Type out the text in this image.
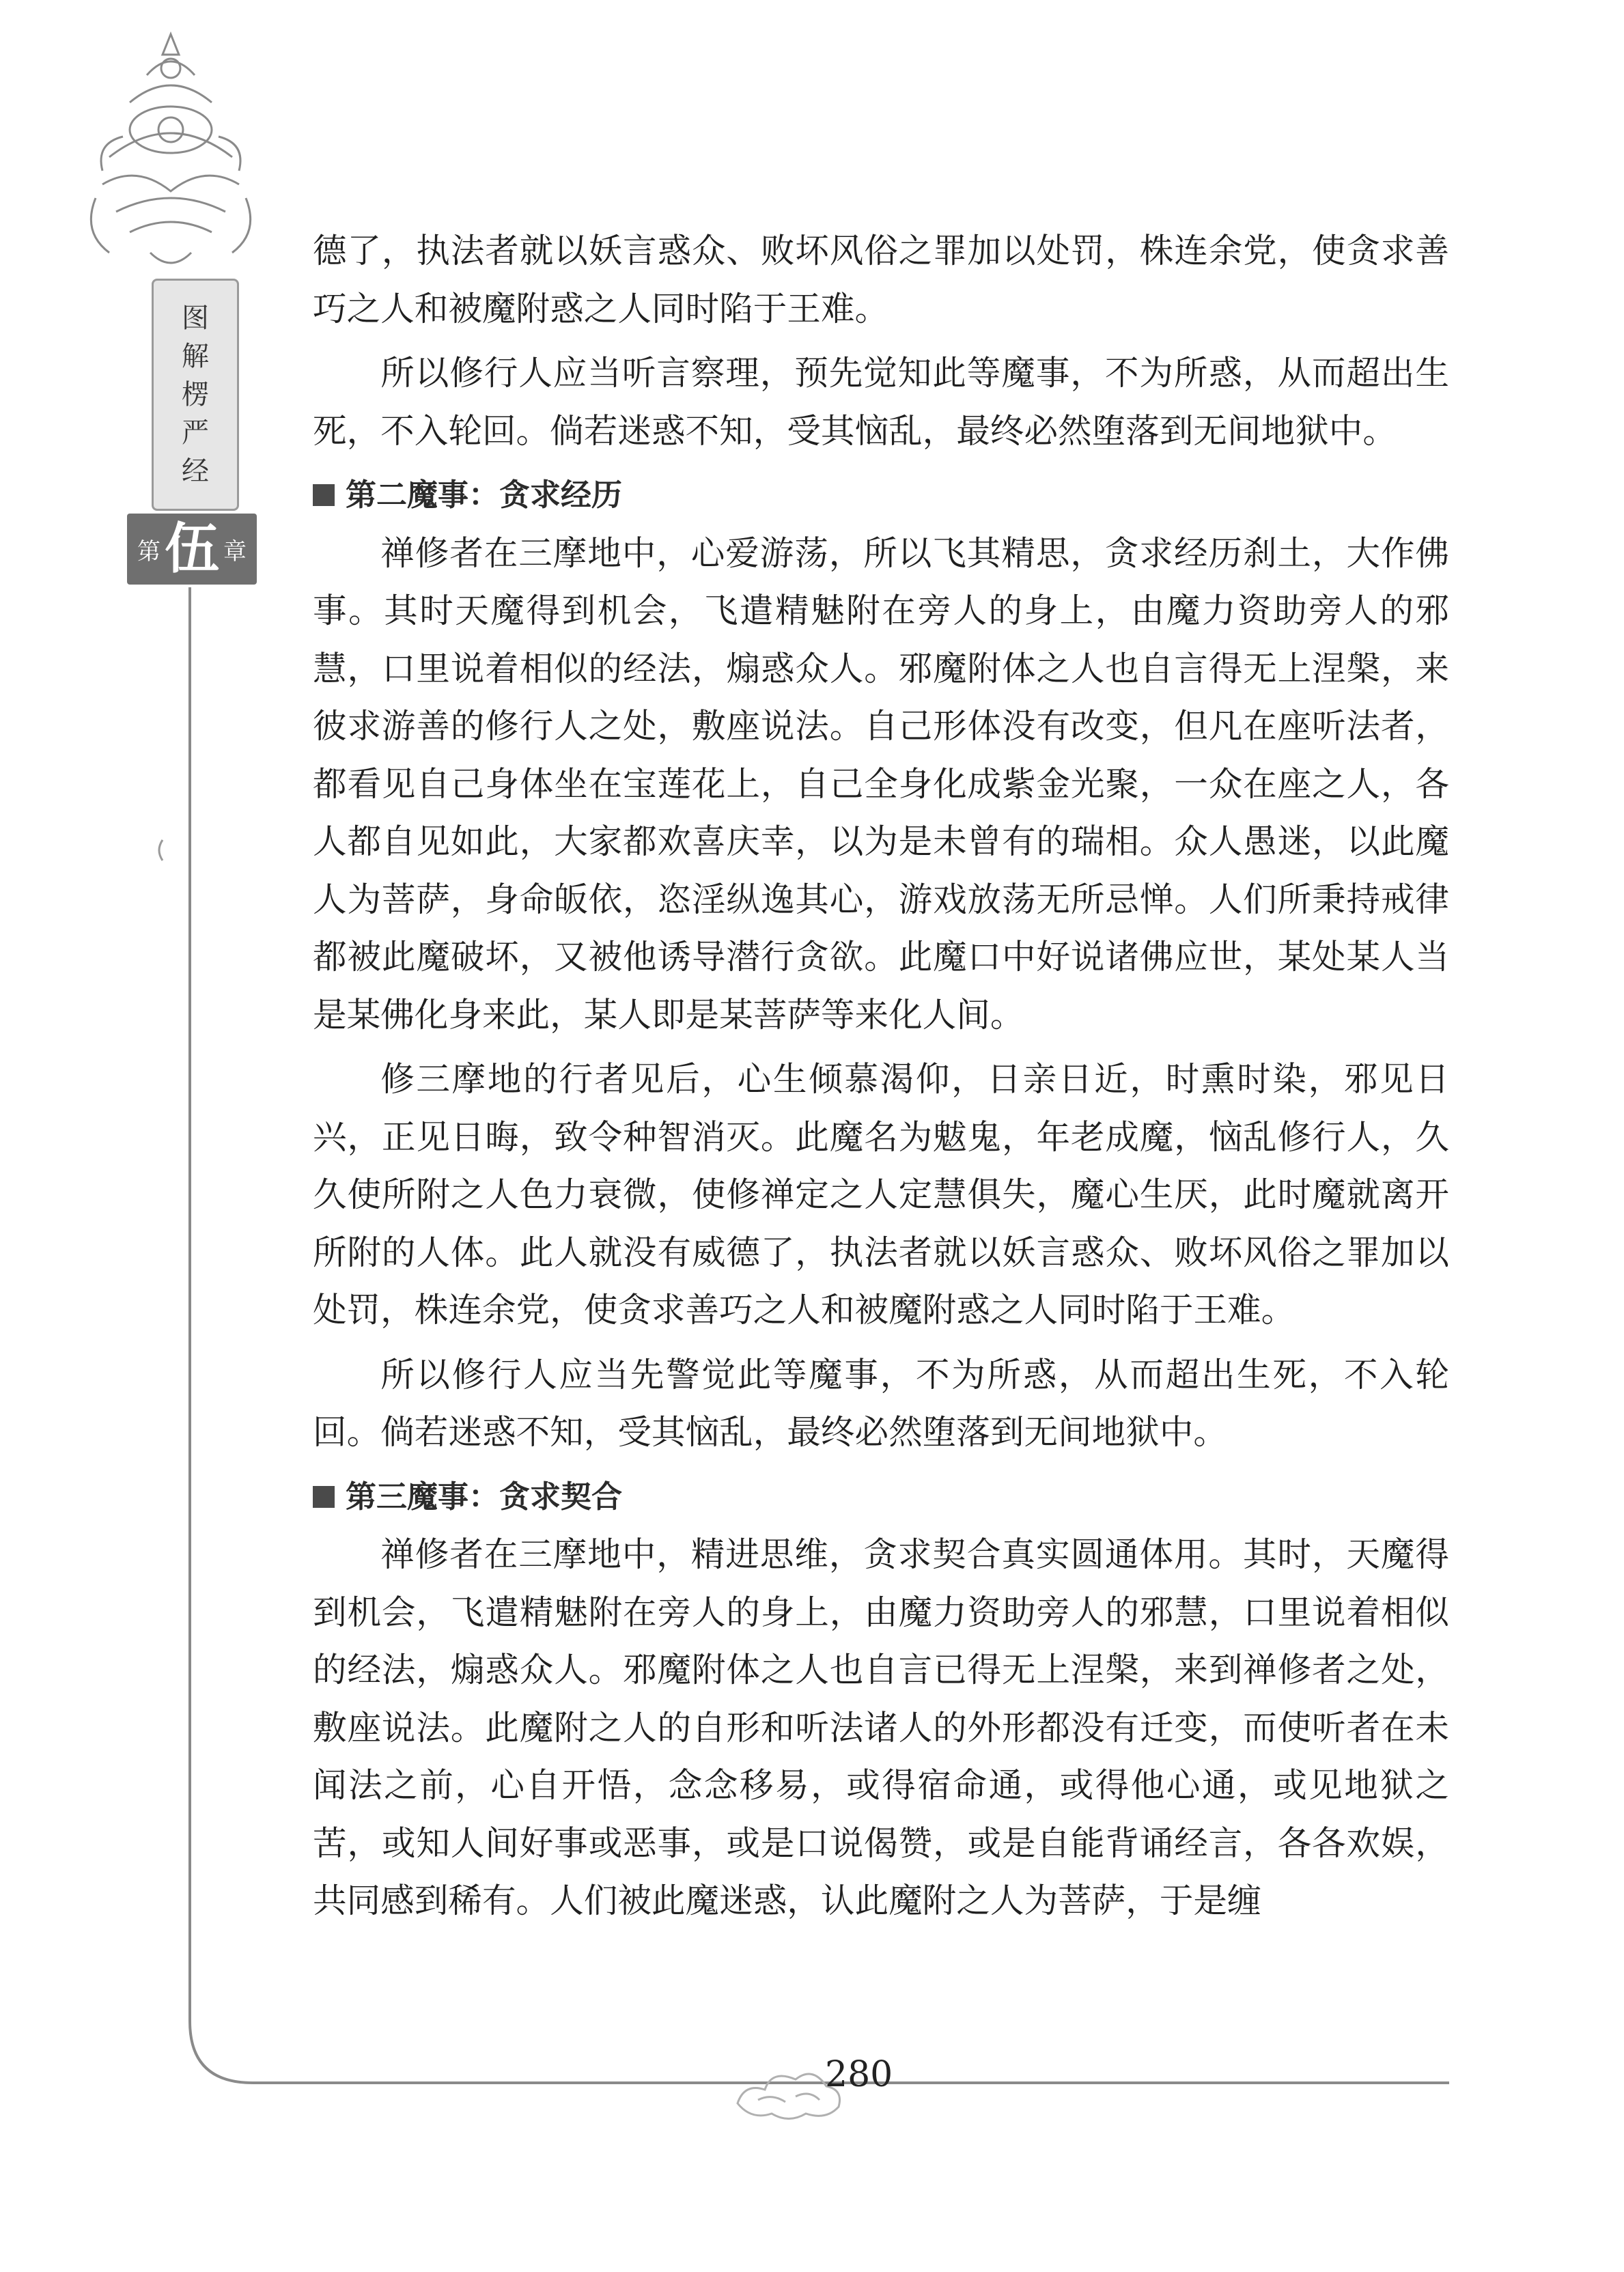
图
解
楞
严
经
第 伍 章

德了，执法者就以妖言惑众、败坏风俗之罪加以处罚，株连余党，使贪求善巧之人和被魔附惑之人同时陷于王难。

所以修行人应当听言察理，预先觉知此等魔事，不为所惑，从而超出生死，不入轮回。倘若迷惑不知，受其恼乱，最终必然堕落到无间地狱中。

第二魔事：贪求经历

禅修者在三摩地中，心爱游荡，所以飞其精思，贪求经历刹土，大作佛事。其时天魔得到机会，飞遣精魅附在旁人的身上，由魔力资助旁人的邪慧，口里说着相似的经法，煽惑众人。邪魔附体之人也自言得无上涅槃，来彼求游善的修行人之处，敷座说法。自己形体没有改变，但凡在座听法者，都看见自己身体坐在宝莲花上，自己全身化成紫金光聚，一众在座之人，各人都自见如此，大家都欢喜庆幸，以为是未曾有的瑞相。众人愚迷，以此魔人为菩萨，身命皈依，恣淫纵逸其心，游戏放荡无所忌惮。人们所秉持戒律都被此魔破坏，又被他诱导潜行贪欲。此魔口中好说诸佛应世，某处某人当是某佛化身来此，某人即是某菩萨等来化人间。

修三摩地的行者见后，心生倾慕渴仰，日亲日近，时熏时染，邪见日兴，正见日晦，致令种智消灭。此魔名为魃鬼，年老成魔，恼乱修行人，久久使所附之人色力衰微，使修禅定之人定慧俱失，魔心生厌，此时魔就离开所附的人体。此人就没有威德了，执法者就以妖言惑众、败坏风俗之罪加以处罚，株连余党，使贪求善巧之人和被魔附惑之人同时陷于王难。

所以修行人应当先警觉此等魔事，不为所惑，从而超出生死，不入轮回。倘若迷惑不知，受其恼乱，最终必然堕落到无间地狱中。

第三魔事：贪求契合

禅修者在三摩地中，精进思维，贪求契合真实圆通体用。其时，天魔得到机会，飞遣精魅附在旁人的身上，由魔力资助旁人的邪慧，口里说着相似的经法，煽惑众人。邪魔附体之人也自言已得无上涅槃，来到禅修者之处，敷座说法。此魔附之人的自形和听法诸人的外形都没有迁变，而使听者在未闻法之前，心自开悟，念念移易，或得宿命通，或得他心通，或见地狱之苦，或知人间好事或恶事，或是口说偈赞，或是自能背诵经言，各各欢娱，共同感到稀有。人们被此魔迷惑，认此魔附之人为菩萨，于是缠

280
